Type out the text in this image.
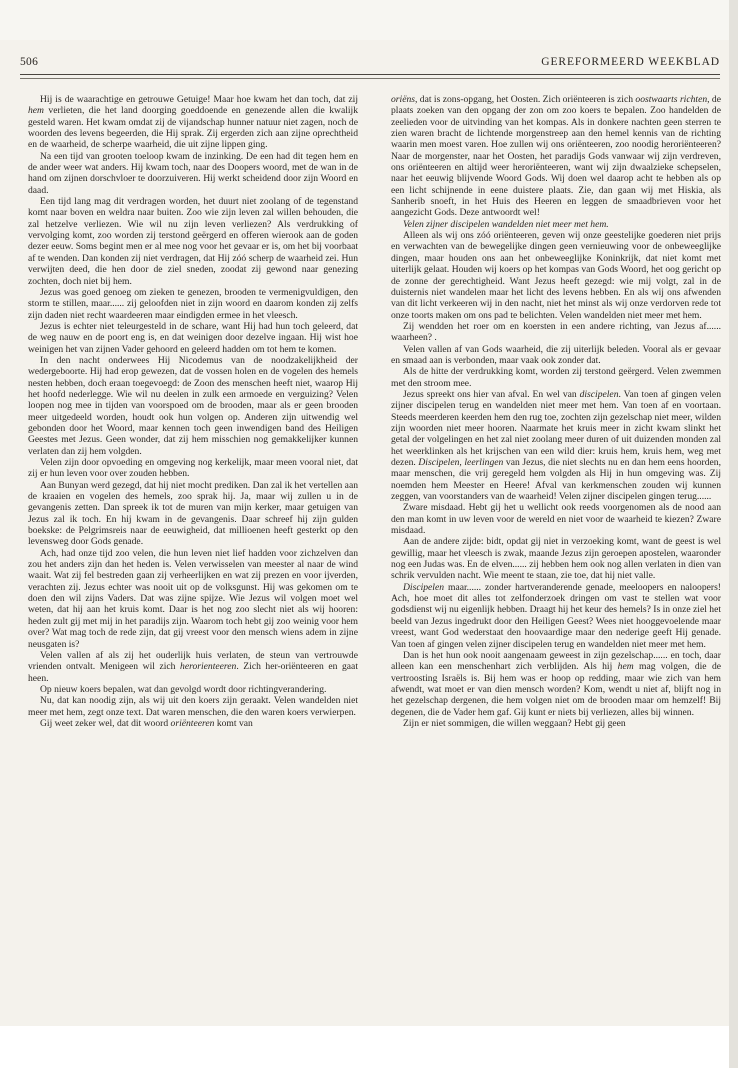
506	GEREFORMEERD WEEKBLAD

Hij is de waarachtige en getrouwe Getuige! Maar hoe kwam het dan toch, dat zij hem verlieten, die het land doorging goeddoende en genezende allen die kwalijk gesteld waren. Het kwam omdat zij de vijandschap hunner natuur niet zagen, noch de woorden des levens begeerden, die Hij sprak. Zij ergerden zich aan zijne oprechtheid en de waarheid, de scherpe waarheid, die uit zijne lippen ging.

Na een tijd van grooten toeloop kwam de inzinking. De een had dit tegen hem en de ander weer wat anders. Hij kwam toch, naar des Doopers woord, met de wan in de hand om zijnen dorschvloer te doorzuiveren. Hij werkt scheidend door zijn Woord en daad.

Een tijd lang mag dit verdragen worden, het duurt niet zoolang of de tegenstand komt naar boven en weldra naar buiten. Zoo wie zijn leven zal willen behouden, die zal hetzelve verliezen. Wie wil nu zijn leven verliezen? Als verdrukking of vervolging komt, zoo worden zij terstond geërgerd en offeren wierook aan de goden dezer eeuw. Soms begint men er al mee nog voor het gevaar er is, om het bij voorbaat af te wenden. Dan konden zij niet verdragen, dat Hij zóó scherp de waarheid zei. Hun verwijten deed, die hen door de ziel sneden, zoodat zij gewond naar genezing zochten, doch niet bij hem.

Jezus was goed genoeg om zieken te genezen, brooden te vermenigvuldigen, den storm te stillen, maar...... zij geloofden niet in zijn woord en daarom konden zij zelfs zijn daden niet recht waardeeren maar eindigden ermee in het vleesch.

Jezus is echter niet teleurgesteld in de schare, want Hij had hun toch geleerd, dat de weg nauw en de poort eng is, en dat weinigen door dezelve ingaan. Hij wist hoe weinigen het van zijnen Vader gehoord en geleerd hadden om tot hem te komen.

In den nacht onderwees Hij Nicodemus van de noodzakelijkheid der wedergeboorte. Hij had erop gewezen, dat de vossen holen en de vogelen des hemels nesten hebben, doch eraan toegevoegd: de Zoon des menschen heeft niet, waarop Hij het hoofd nederlegge. Wie wil nu deelen in zulk een armoede en verguizing? Velen loopen nog mee in tijden van voorspoed om de brooden, maar als er geen brooden meer uitgedeeld worden, houdt ook hun volgen op. Anderen zijn uitwendig wel gebonden door het Woord, maar kennen toch geen inwendigen band des Heiligen Geestes met Jezus. Geen wonder, dat zij hem misschien nog gemakkelijker kunnen verlaten dan zij hem volgden.

Velen zijn door opvoeding en omgeving nog kerkelijk, maar meen vooral niet, dat zij er hun leven voor over zouden hebben.

Aan Bunyan werd gezegd, dat hij niet mocht prediken. Dan zal ik het vertellen aan de kraaien en vogelen des hemels, zoo sprak hij. Ja, maar wij zullen u in de gevangenis zetten. Dan spreek ik tot de muren van mijn kerker, maar getuigen van Jezus zal ik toch. En hij kwam in de gevangenis. Daar schreef hij zijn gulden boekske: de Pelgrimsreis naar de eeuwigheid, dat millioenen heeft gesterkt op den levensweg door Gods genade.

Ach, had onze tijd zoo velen, die hun leven niet lief hadden voor zichzelven dan zou het anders zijn dan het heden is. Velen verwisselen van meester al naar de wind waait. Wat zij fel bestreden gaan zij verheerlijken en wat zij prezen en voor ijverden, verachten zij. Jezus echter was nooit uit op de volksgunst. Hij was gekomen om te doen den wil zijns Vaders. Dat was zijne spijze. Wie Jezus wil volgen moet wel weten, dat hij aan het kruis komt. Daar is het nog zoo slecht niet als wij hooren: heden zult gij met mij in het paradijs zijn. Waarom toch hebt gij zoo weinig voor hem over? Wat mag toch de rede zijn, dat gij vreest voor den mensch wiens adem in zijne neusgaten is?

Velen vallen af als zij het ouderlijk huis verlaten, de steun van vertrouwde vrienden ontvalt. Menigeen wil zich herorienteeren. Zich her-oriënteeren en gaat heen.

Op nieuw koers bepalen, wat dan gevolgd wordt door richtingverandering.

Nu, dat kan noodig zijn, als wij uit den koers zijn geraakt. Velen wandelden niet meer met hem, zegt onze text. Dat waren menschen, die den waren koers verwierpen.

Gij weet zeker wel, dat dit woord oriënteeren komt van

oriëns, dat is zons-opgang, het Oosten. Zich oriënteeren is zich oostwaarts richten, de plaats zoeken van den opgang der zon om zoo koers te bepalen. Zoo handelden de zeelieden voor de uitvinding van het kompas. Als in donkere nachten geen sterren te zien waren bracht de lichtende morgenstreep aan den hemel kennis van de richting waarin men moest varen. Hoe zullen wij ons oriënteeren, zoo noodig heroriënteeren? Naar de morgenster, naar het Oosten, het paradijs Gods vanwaar wij zijn verdreven, ons oriënteeren en altijd weer heroriënteeren, want wij zijn dwaalzieke schepselen, naar het eeuwig blijvende Woord Gods. Wij doen wel daarop acht te hebben als op een licht schijnende in eene duistere plaats. Zie, dan gaan wij met Hiskia, als Sanherib snoeft, in het Huis des Heeren en leggen de smaadbrieven voor het aangezicht Gods. Deze antwoordt wel!

Velen zijner discipelen wandelden niet meer met hem.

Alleen als wij ons zóó oriënteeren, geven wij onze geestelijke goederen niet prijs en verwachten van de bewegelijke dingen geen vernieuwing voor de onbeweeglijke dingen, maar houden ons aan het onbeweeglijke Koninkrijk, dat niet komt met uiterlijk gelaat. Houden wij koers op het kompas van Gods Woord, het oog gericht op de zonne der gerechtigheid. Want Jezus heeft gezegd: wie mij volgt, zal in de duisternis niet wandelen maar het licht des levens hebben. En als wij ons afwenden van dit licht verkeeren wij in den nacht, niet het minst als wij onze verdorven rede tot onze toorts maken om ons pad te belichten. Velen wandelden niet meer met hem.

Zij wendden het roer om en koersten in een andere richting, van Jezus af...... waarheen? .

Velen vallen af van Gods waarheid, die zij uiterlijk beleden. Vooral als er gevaar en smaad aan is verbonden, maar vaak ook zonder dat.

Als de hitte der verdrukking komt, worden zij terstond geërgerd. Velen zwemmen met den stroom mee.

Jezus spreekt ons hier van afval. En wel van discipelen. Van toen af gingen velen zijner discipelen terug en wandelden niet meer met hem. Van toen af en voortaan. Steeds meerderen keerden hem den rug toe, zochten zijn gezelschap niet meer, wilden zijn woorden niet meer hooren. Naarmate het kruis meer in zicht kwam slinkt het getal der volgelingen en het zal niet zoolang meer duren of uit duizenden monden zal het weerklinken als het krijschen van een wild dier: kruis hem, kruis hem, weg met dezen. Discipelen, leerlingen van Jezus, die niet slechts nu en dan hem eens hoorden, maar menschen, die vrij geregeld hem volgden als Hij in hun omgeving was. Zij noemden hem Meester en Heere! Afval van kerkmenschen zouden wij kunnen zeggen, van voorstanders van de waarheid! Velen zijner discipelen gingen terug......

Zware misdaad. Hebt gij het u wellicht ook reeds voorgenomen als de nood aan den man komt in uw leven voor de wereld en niet voor de waarheid te kiezen? Zware misdaad.

Aan de andere zijde: bidt, opdat gij niet in verzoeking komt, want de geest is wel gewillig, maar het vleesch is zwak, maande Jezus zijn geroepen apostelen, waaronder nog een Judas was. En de elven...... zij hebben hem ook nog allen verlaten in dien van schrik vervulden nacht. Wie meent te staan, zie toe, dat hij niet valle.

Discipelen maar...... zonder hartveranderende genade, meeloopers en naloopers! Ach, hoe moet dit alles tot zelfonderzoek dringen om vast te stellen wat voor godsdienst wij nu eigenlijk hebben. Draagt hij het keur des hemels? Is in onze ziel het beeld van Jezus ingedrukt door den Heiligen Geest? Wees niet hooggevoelende maar vreest, want God wederstaat den hoovaardige maar den nederige geeft Hij genade. Van toen af gingen velen zijner discipelen terug en wandelden niet meer met hem.

Dan is het hun ook nooit aangenaam geweest in zijn gezelschap...... en toch, daar alleen kan een menschenhart zich verblijden. Als hij hem mag volgen, die de vertroosting Israëls is. Bij hem was er hoop op redding, maar wie zich van hem afwendt, wat moet er van dien mensch worden? Kom, wendt u niet af, blijft nog in het gezelschap dergenen, die hem volgen niet om de brooden maar om hemzelf! Bij degenen, die de Vader hem gaf. Gij kunt er niets bij verliezen, alles bij winnen.

Zijn er niet sommigen, die willen weggaan? Hebt gij geen
